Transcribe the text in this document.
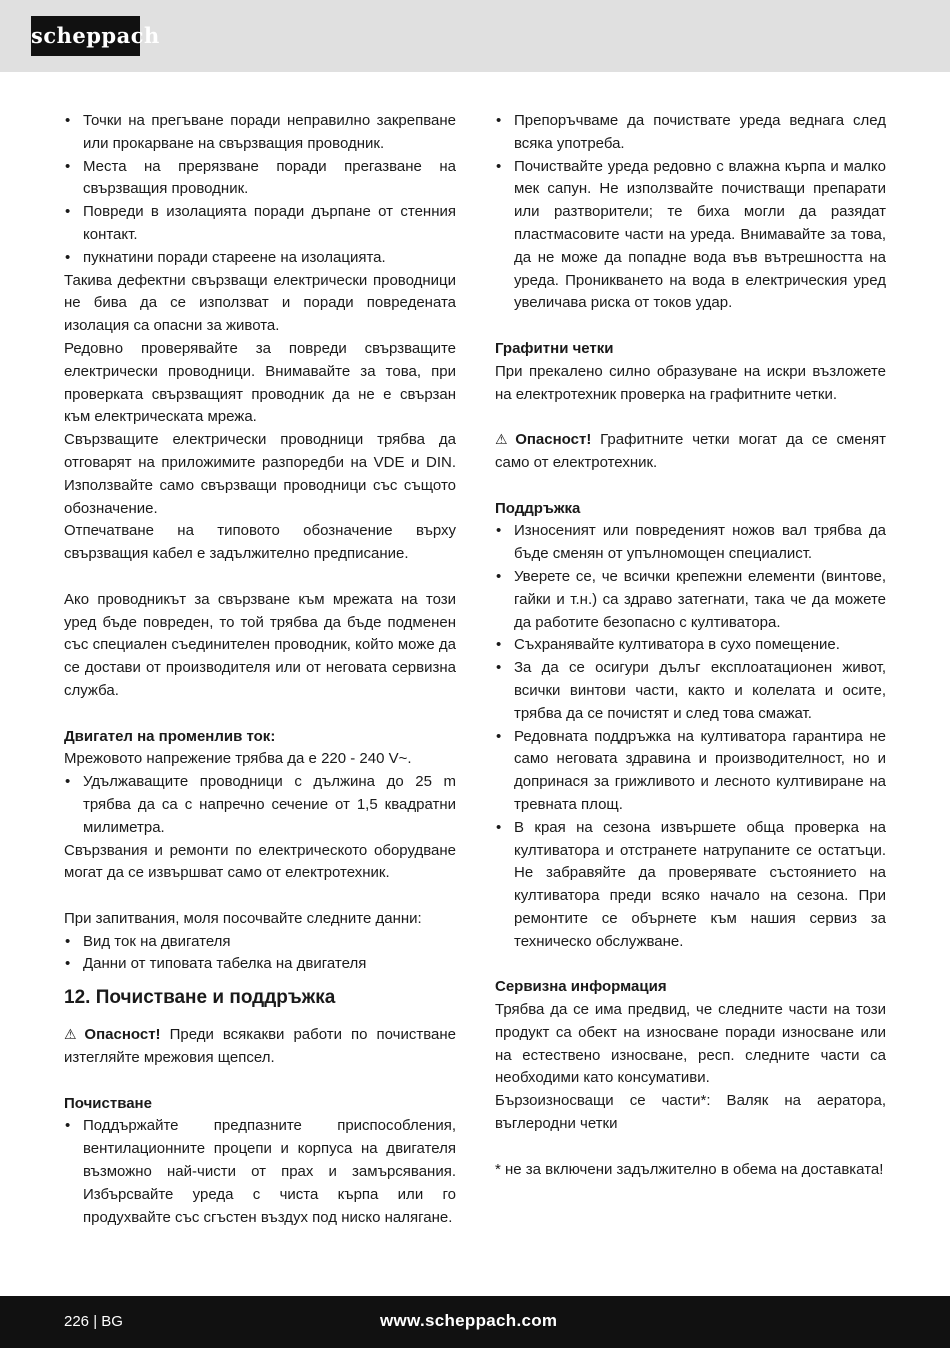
scheppach
• Точки на прегъване поради неправилно закрепване или прокарване на свързващия проводник.
• Места на прерязване поради прегазване на свързващия проводник.
• Повреди в изолацията поради дърпане от стенния контакт.
• пукнатини поради стареене на изолацията.
Такива дефектни свързващи електрически проводници не бива да се използват и поради повредената изолация са опасни за живота.
Редовно проверявайте за повреди свързващите електрически проводници. Внимавайте за това, при проверката свързващият проводник да не е свързан към електрическата мрежа.
Свързващите електрически проводници трябва да отговарят на приложимите разпоредби на VDE и DIN. Използвайте само свързващи проводници със същото обозначение.
Отпечатване на типовото обозначение върху свързващия кабел е задължително предписание.
Ако проводникът за свързване към мрежата на този уред бъде повреден, то той трябва да бъде подменен със специален съединителен проводник, който може да се достави от производителя или от неговата сервизна служба.
Двигател на променлив ток:
Мрежовото напрежение трябва да е 220 - 240 V~.
• Удължаващите проводници с дължина до 25 m трябва да са с напречно сечение от 1,5 квадратни милиметра.
Свързвания и ремонти по електрическото оборудване могат да се извършват само от електротехник.
При запитвания, моля посочвайте следните данни:
• Вид ток на двигателя
• Данни от типовата табелка на двигателя
12. Почистване и поддръжка
⚠ Опасност! Преди всякакви работи по почистване изтегляйте мрежовия щепсел.
Почистване
• Поддържайте предпазните приспособления, вентилационните процепи и корпуса на двигателя възможно най-чисти от прах и замърсявания. Избърсвайте уреда с чиста кърпа или го продухвайте със сгъстен въздух под ниско налягане.
• Препоръчваме да почиствате уреда веднага след всяка употреба.
• Почиствайте уреда редовно с влажна кърпа и малко мек сапун. Не използвайте почистващи препарати или разтворители; те биха могли да разядат пластмасовите части на уреда. Внимавайте за това, да не може да попадне вода във вътрешността на уреда. Проникването на вода в електрическия уред увеличава риска от токов удар.
Графитни четки
При прекалено силно образуване на искри възложете на електротехник проверка на графитните четки.
⚠ Опасност! Графитните четки могат да се сменят само от електротехник.
Поддръжка
• Износеният или повреденият ножов вал трябва да бъде сменян от упълномощен специалист.
• Уверете се, че всички крепежни елементи (винтове, гайки и т.н.) са здраво затегнати, така че да можете да работите безопасно с култиватора.
• Съхранявайте култиватора в сухо помещение.
• За да се осигури дълъг експлоатационен живот, всички винтови части, както и колелата и осите, трябва да се почистят и след това смажат.
• Редовната поддръжка на култиватора гарантира не само неговата здравина и производителност, но и допринася за грижливото и лесното култивиране на тревната площ.
• В края на сезона извършете обща проверка на култиватора и отстранете натрупаните се остатъци. Не забравяйте да проверявате състоянието на култиватора преди всяко начало на сезона. При ремонтите се обърнете към нашия сервиз за техническо обслужване.
Сервизна информация
Трябва да се има предвид, че следните части на този продукт са обект на износване поради износване или на естествено износване, респ. следните части са необходими като консумативи.
Бързоизносващи се части*: Валяк на аератора, въглеродни четки
* не за включени задължително в обема на доставката!
226 | BG	www.scheppach.com
